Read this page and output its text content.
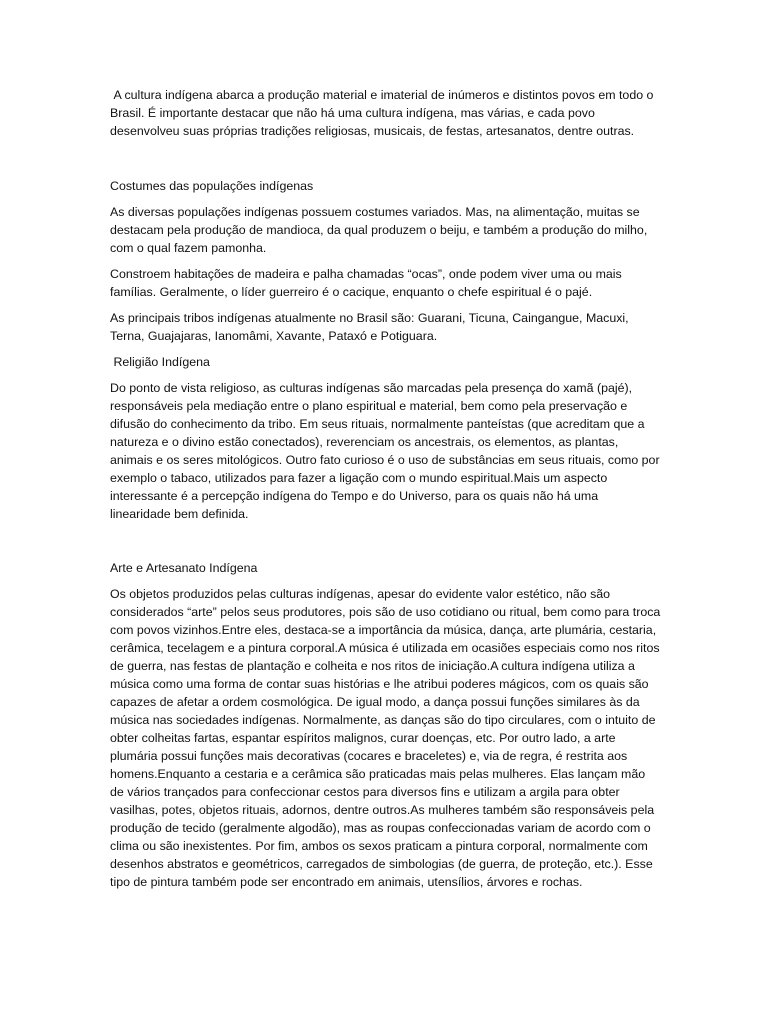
A cultura indígena abarca a produção material e imaterial de inúmeros e distintos povos em todo o Brasil. É importante destacar que não há uma cultura indígena, mas várias, e cada povo desenvolveu suas próprias tradições religiosas, musicais, de festas, artesanatos, dentre outras.

Costumes das populações indígenas

As diversas populações indígenas possuem costumes variados. Mas, na alimentação, muitas se destacam pela produção de mandioca, da qual produzem o beiju, e também a produção do milho, com o qual fazem pamonha.

Constroem habitações de madeira e palha chamadas “ocas”, onde podem viver uma ou mais famílias. Geralmente, o líder guerreiro é o cacique, enquanto o chefe espiritual é o pajé.

As principais tribos indígenas atualmente no Brasil são: Guarani, Ticuna, Caingangue, Macuxi, Terna, Guajajaras, Ianomâmi, Xavante, Pataxó e Potiguara.

Religião Indígena

Do ponto de vista religioso, as culturas indígenas são marcadas pela presença do xamã (pajé), responsáveis pela mediação entre o plano espiritual e material, bem como pela preservação e difusão do conhecimento da tribo. Em seus rituais, normalmente panteístas (que acreditam que a natureza e o divino estão conectados), reverenciam os ancestrais, os elementos, as plantas, animais e os seres mitológicos. Outro fato curioso é o uso de substâncias em seus rituais, como por exemplo o tabaco, utilizados para fazer a ligação com o mundo espiritual.Mais um aspecto interessante é a percepção indígena do Tempo e do Universo, para os quais não há uma linearidade bem definida.

Arte e Artesanato Indígena

Os objetos produzidos pelas culturas indígenas, apesar do evidente valor estético, não são considerados “arte” pelos seus produtores, pois são de uso cotidiano ou ritual, bem como para troca com povos vizinhos.Entre eles, destaca-se a importância da música, dança, arte plumária, cestaria, cerâmica, tecelagem e a pintura corporal.A música é utilizada em ocasiões especiais como nos ritos de guerra, nas festas de plantação e colheita e nos ritos de iniciação.A cultura indígena utiliza a música como uma forma de contar suas histórias e lhe atribui poderes mágicos, com os quais são capazes de afetar a ordem cosmológica. De igual modo, a dança possui funções similares às da música nas sociedades indígenas. Normalmente, as danças são do tipo circulares, com o intuito de obter colheitas fartas, espantar espíritos malignos, curar doenças, etc. Por outro lado, a arte plumária possui funções mais decorativas (cocares e braceletes) e, via de regra, é restrita aos homens.Enquanto a cestaria e a cerâmica são praticadas mais pelas mulheres. Elas lançam mão de vários trançados para confeccionar cestos para diversos fins e utilizam a argila para obter vasilhas, potes, objetos rituais, adornos, dentre outros.As mulheres também são responsáveis pela produção de tecido (geralmente algodão), mas as roupas confeccionadas variam de acordo com o clima ou são inexistentes. Por fim, ambos os sexos praticam a pintura corporal, normalmente com desenhos abstratos e geométricos, carregados de simbologias (de guerra, de proteção, etc.). Esse tipo de pintura também pode ser encontrado em animais, utensílios, árvores e rochas.
